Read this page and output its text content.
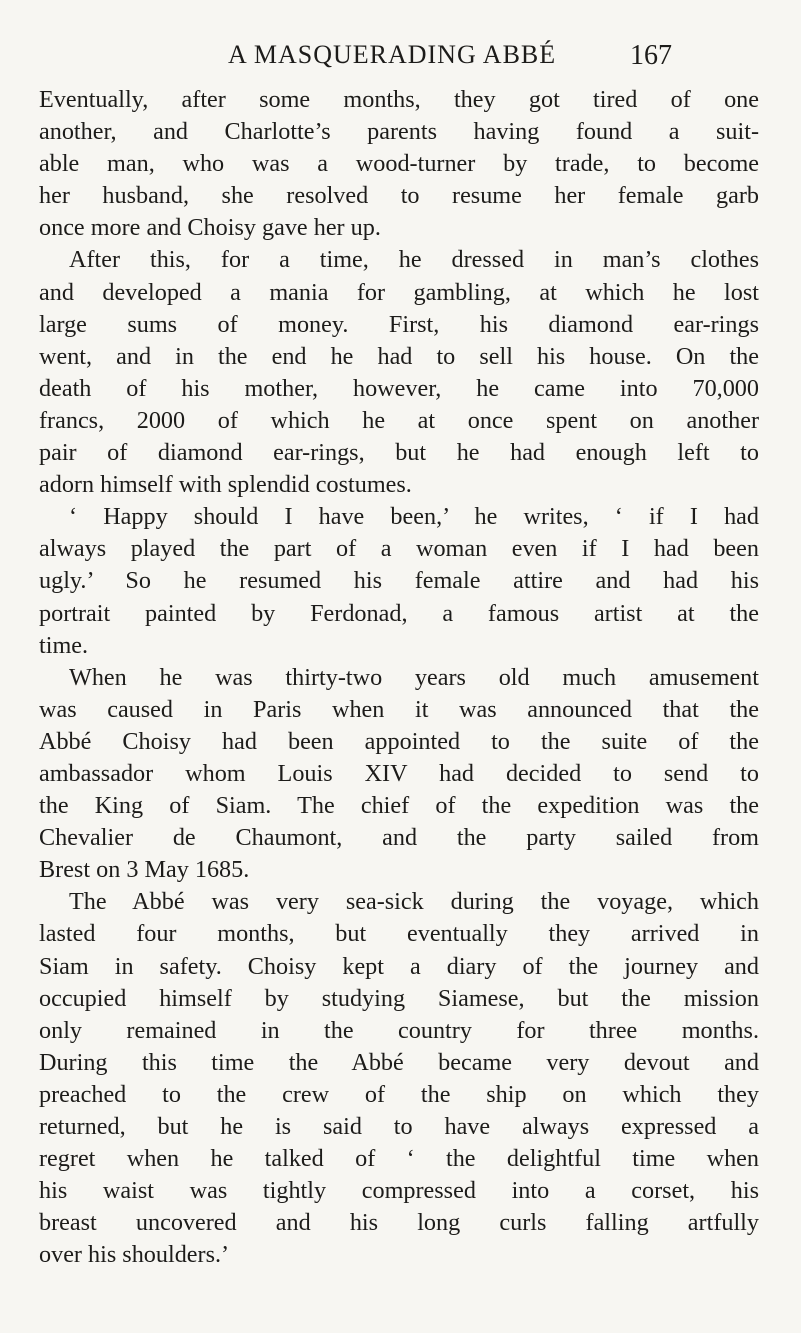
A MASQUERADING ABBÉ	167
Eventually, after some months, they got tired of one
another, and Charlotte’s parents having found a suit-
able man, who was a wood-turner by trade, to become
her husband, she resolved to resume her female garb
once more and Choisy gave her up.
After this, for a time, he dressed in man’s clothes
and developed a mania for gambling, at which he lost
large sums of money. First, his diamond ear-rings
went, and in the end he had to sell his house. On the
death of his mother, however, he came into 70,000
francs, 2000 of which he at once spent on another
pair of diamond ear-rings, but he had enough left to
adorn himself with splendid costumes.
‘ Happy should I have been,’ he writes, ‘ if I had
always played the part of a woman even if I had been
ugly.’ So he resumed his female attire and had his
portrait painted by Ferdonad, a famous artist at the
time.
When he was thirty-two years old much amusement
was caused in Paris when it was announced that the
Abbé Choisy had been appointed to the suite of the
ambassador whom Louis XIV had decided to send to
the King of Siam. The chief of the expedition was the
Chevalier de Chaumont, and the party sailed from
Brest on 3 May 1685.
The Abbé was very sea-sick during the voyage, which
lasted four months, but eventually they arrived in
Siam in safety. Choisy kept a diary of the journey and
occupied himself by studying Siamese, but the mission
only remained in the country for three months.
During this time the Abbé became very devout and
preached to the crew of the ship on which they
returned, but he is said to have always expressed a
regret when he talked of ‘ the delightful time when
his waist was tightly compressed into a corset, his
breast uncovered and his long curls falling artfully
over his shoulders.’
